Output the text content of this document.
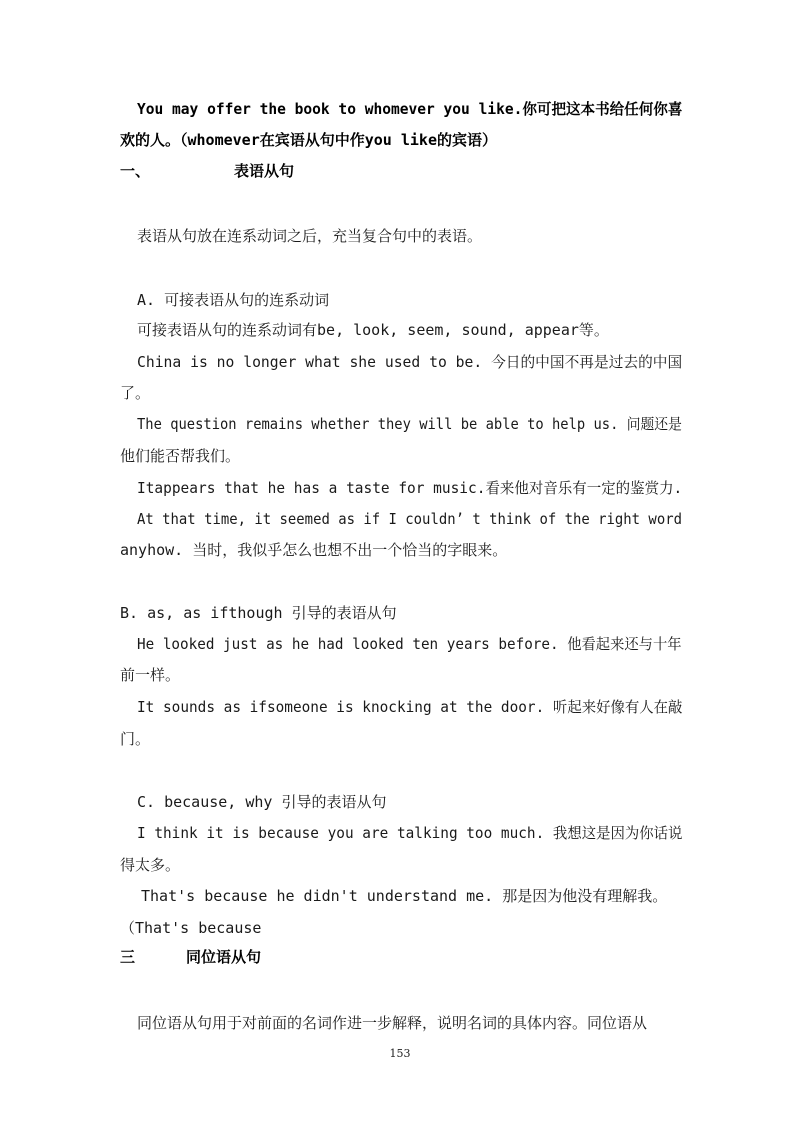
You may offer the book to whomever you like.你可把这本书给任何你喜
欢的人。（whomever在宾语从句中作you like的宾语）
一、	表语从句
表语从句放在连系动词之后，充当复合句中的表语。
A. 可接表语从句的连系动词
可接表语从句的连系动词有be, look, seem, sound, appear等。
China is no longer what she used to be. 今日的中国不再是过去的中国
了。
The question remains whether they will be able to help us. 问题还是
他们能否帮我们。
Itappears that he has a taste for music.看来他对音乐有一定的鉴赏力.
At that time, it seemed as if I couldn’ t think of the right word
anyhow. 当时，我似乎怎么也想不出一个恰当的字眼来。
B. as, as ifthough 引导的表语从句
He looked just as he had looked ten years before. 他看起来还与十年
前一样。
It sounds as ifsomeone is knocking at the door. 听起来好像有人在敲
门。
C. because, why 引导的表语从句
I think it is because you are talking too much. 我想这是因为你话说
得太多。
That's because he didn't understand me. 那是因为他没有理解我。
（That's because
三	同位语从句
同位语从句用于对前面的名词作进一步解释，说明名词的具体内容。同位语从
153
